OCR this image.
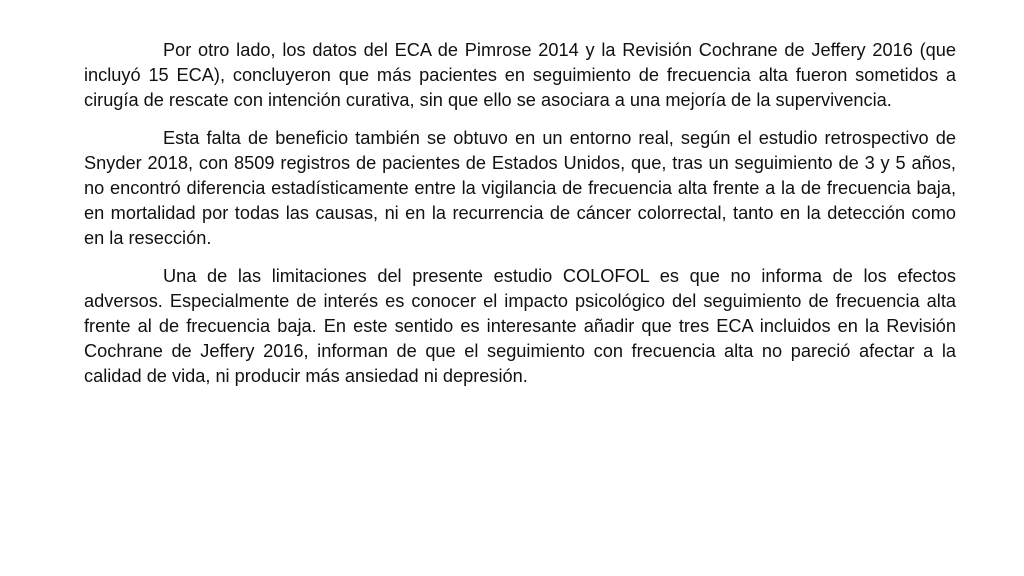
Por otro lado, los datos del ECA de Pimrose 2014 y la Revisión Cochrane de Jeffery 2016 (que incluyó 15 ECA), concluyeron que más pacientes en seguimiento de frecuencia alta fueron sometidos a cirugía de rescate con intención curativa, sin que ello se asociara a una mejoría de la supervivencia.

Esta falta de beneficio también se obtuvo en un entorno real, según el estudio retrospectivo de Snyder 2018, con 8509 registros de pacientes de Estados Unidos, que, tras un seguimiento de 3 y 5 años, no encontró diferencia estadísticamente entre la vigilancia de frecuencia alta frente a la de frecuencia baja, en mortalidad por todas las causas, ni en la recurrencia de cáncer colorrectal, tanto en la detección como en la resección.

Una de las limitaciones del presente estudio COLOFOL es que no informa de los efectos adversos. Especialmente de interés es conocer el impacto psicológico del seguimiento de frecuencia alta frente al de frecuencia baja. En este sentido es interesante añadir que tres ECA incluidos en la Revisión Cochrane de Jeffery 2016, informan de que el seguimiento con frecuencia alta no pareció afectar a la calidad de vida, ni producir más ansiedad ni depresión.
